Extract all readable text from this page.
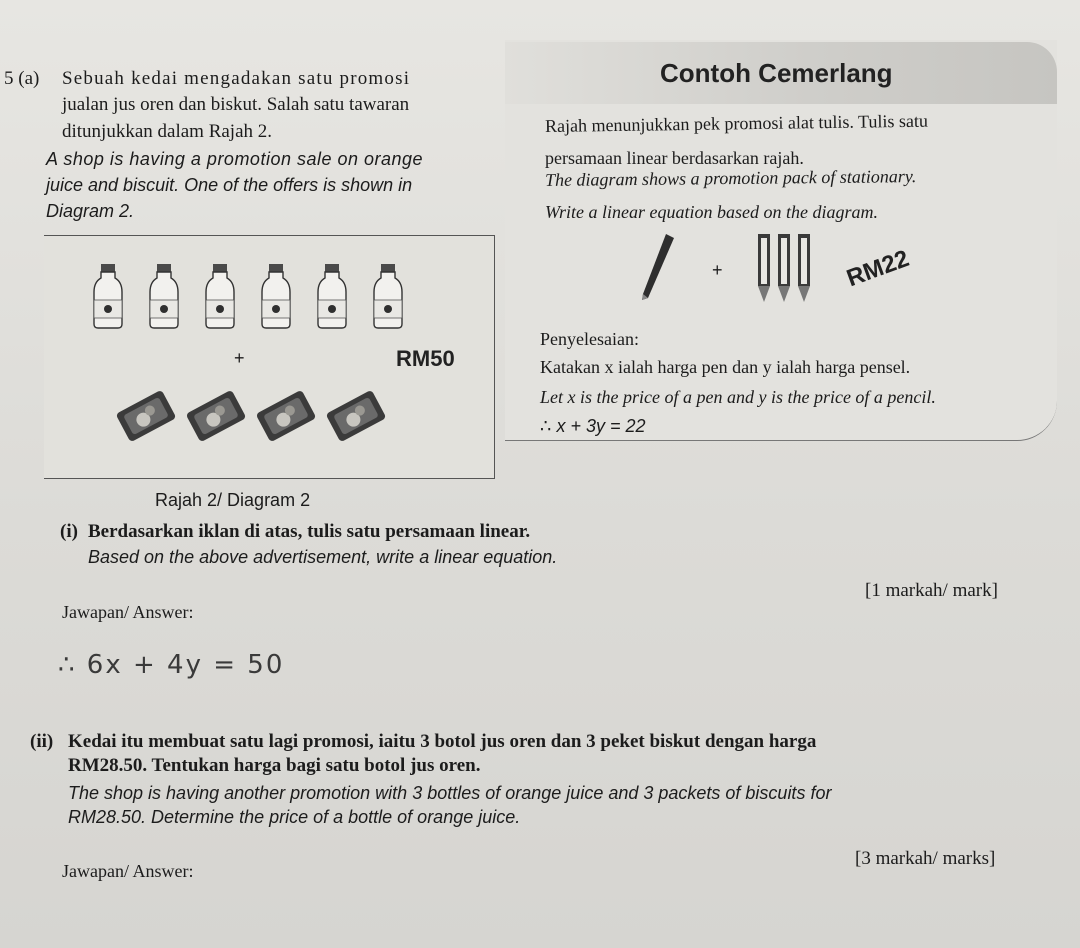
5 (a) Sebuah kedai mengadakan satu promosi
jualan jus oren dan biskut. Salah satu tawaran
ditunjukkan dalam Rajah 2.
A shop is having a promotion sale on orange
juice and biscuit. One of the offers is shown in
Diagram 2.
+	RM50
Rajah 2/ Diagram 2
Contoh Cemerlang
Rajah menunjukkan pek promosi alat tulis. Tulis satu
persamaan linear berdasarkan rajah.
The diagram shows a promotion pack of stationary.
Write a linear equation based on the diagram.
+	RM22
Penyelesaian:
Katakan x ialah harga pen dan y ialah harga pensel.
Let x is the price of a pen and y is the price of a pencil.
∴ x + 3y = 22
(i) Berdasarkan iklan di atas, tulis satu persamaan linear.
Based on the above advertisement, write a linear equation.
[1 markah/ mark]
Jawapan/ Answer:
∴ 6x + 4y = 50
(ii) Kedai itu membuat satu lagi promosi, iaitu 3 botol jus oren dan 3 peket biskut dengan harga
RM28.50. Tentukan harga bagi satu botol jus oren.
The shop is having another promotion with 3 bottles of orange juice and 3 packets of biscuits for
RM28.50. Determine the price of a bottle of orange juice.
[3 markah/ marks]
Jawapan/ Answer:
